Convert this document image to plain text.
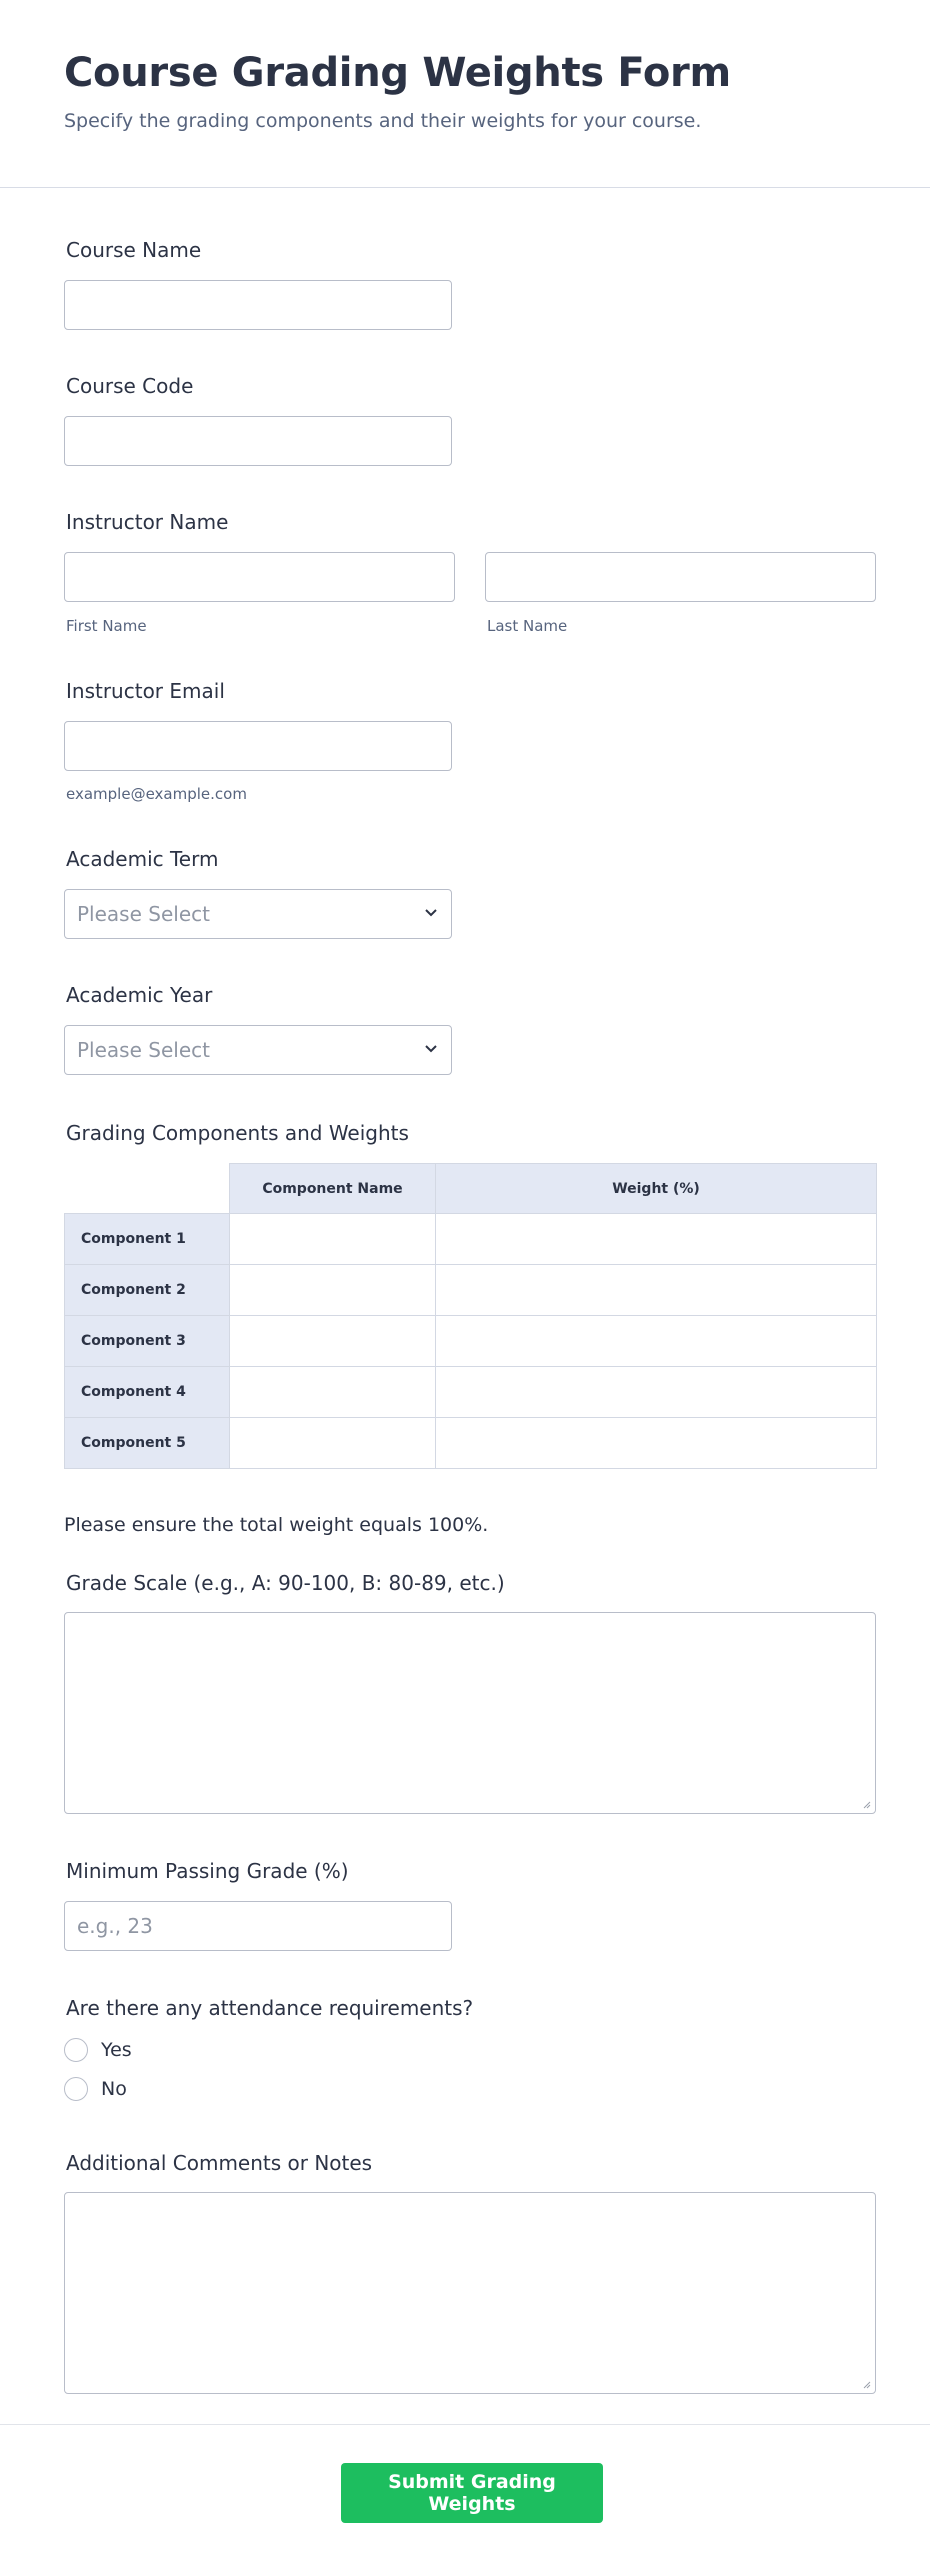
Course Grading Weights Form

Specify the grading components and their weights for your course.

Course Name

Course Code

Instructor Name

First Name	Last Name

Instructor Email

example@example.com

Academic Term

Please Select

Academic Year

Please Select

Grading Components and Weights

	Component Name	Weight (%)
Component 1		
Component 2		
Component 3		
Component 4		
Component 5		

Please ensure the total weight equals 100%.

Grade Scale (e.g., A: 90-100, B: 80-89, etc.)

Minimum Passing Grade (%)

e.g., 23

Are there any attendance requirements?

Yes
No

Additional Comments or Notes

Submit Grading Weights
